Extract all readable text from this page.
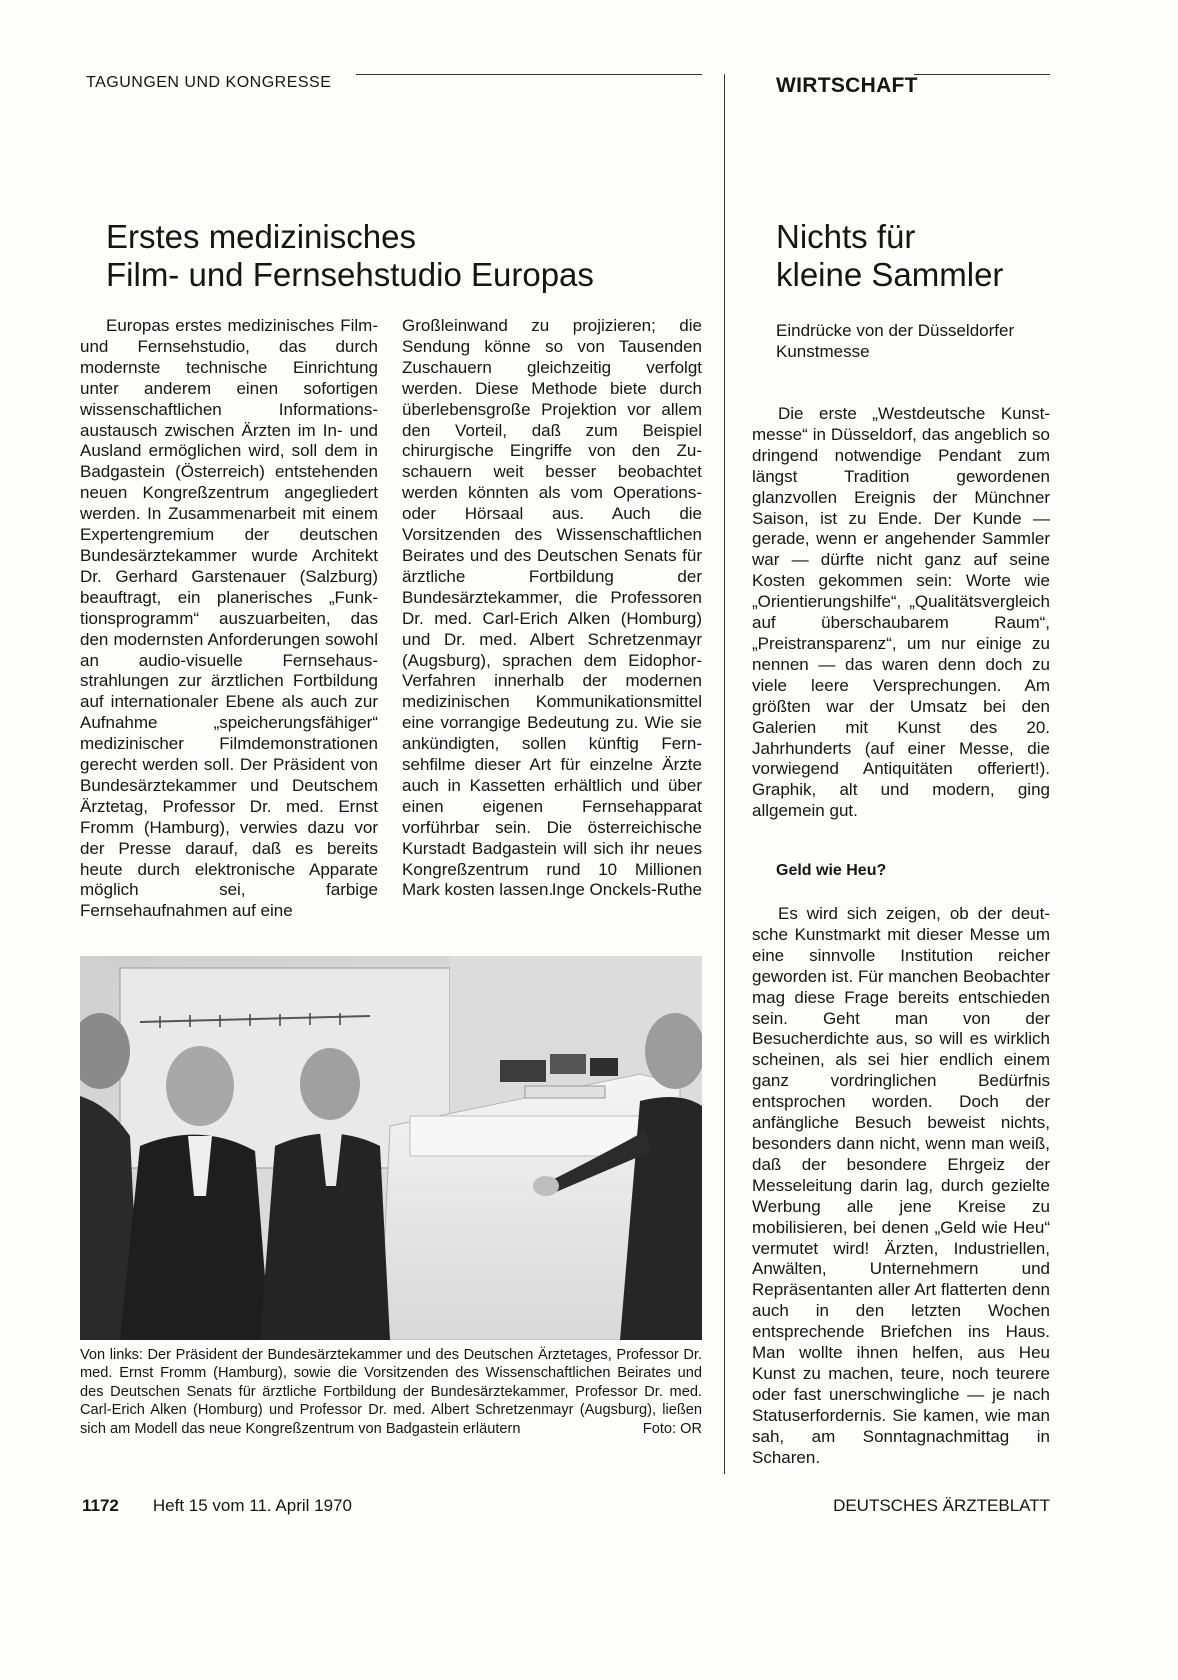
TAGUNGEN UND KONGRESSE	WIRTSCHAFT
Erstes medizinisches
Film- und Fernsehstudio Europas

Europas erstes medizinisches Film- und Fernsehstudio, das durch modernste technische Einrichtung unter anderem einen sofortigen wissenschaftlichen Informationsaustausch zwischen Ärzten im In- und Ausland ermöglichen wird, soll dem in Badgastein (Österreich) entstehenden neuen Kongreßzentrum angegliedert werden. In Zusammenarbeit mit einem Expertengremium der deutschen Bundesärztekammer wurde Architekt Dr. Gerhard Garstenauer (Salzburg) beauftragt, ein planerisches „Funktionsprogramm“ auszuarbeiten, das den modernsten Anforderungen sowohl an audio-visuelle Fernsehausstrahlungen zur ärztlichen Fortbildung auf internationaler Ebene als auch zur Aufnahme „speicherungsfähiger“ medizinischer Filmdemonstrationen gerecht werden soll. Der Präsident von Bundesärztekammer und Deutschem Ärztetag, Professor Dr. med. Ernst Fromm (Hamburg), verwies dazu vor der Presse darauf, daß es bereits heute durch elektronische Apparate möglich sei, farbige Fernsehaufnahmen auf eine

Großleinwand zu projizieren; die Sendung könne so von Tausenden Zuschauern gleichzeitig verfolgt werden. Diese Methode biete durch überlebensgroße Projektion vor allem den Vorteil, daß zum Beispiel chirurgische Eingriffe von den Zuschauern weit besser beobachtet werden könnten als vom Operations- oder Hörsaal aus. Auch die Vorsitzenden des Wissenschaftlichen Beirates und des Deutschen Senats für ärztliche Fortbildung der Bundesärztekammer, die Professoren Dr. med. Carl-Erich Alken (Homburg) und Dr. med. Albert Schretzenmayr (Augsburg), sprachen dem Eidophor-Verfahren innerhalb der modernen medizinischen Kommunikationsmittel eine vorrangige Bedeutung zu. Wie sie ankündigten, sollen künftig Fernsehfilme dieser Art für einzelne Ärzte auch in Kassetten erhältlich und über einen eigenen Fernsehapparat vorführbar sein. Die österreichische Kurstadt Badgastein will sich ihr neues Kongreßzentrum rund 10 Millionen Mark kosten lassen.

Inge Onckels-Ruthe
Von links: Der Präsident der Bundesärztekammer und des Deutschen Ärztetages, Professor Dr. med. Ernst Fromm (Hamburg), sowie die Vorsitzenden des Wissenschaftlichen Beirates und des Deutschen Senats für ärztliche Fortbildung der Bundesärztekammer, Professor Dr. med. Carl-Erich Alken (Homburg) und Professor Dr. med. Albert Schretzenmayr (Augsburg), ließen sich am Modell das neue Kongreßzentrum von Badgastein erläutern	Foto: OR
Nichts für
kleine Sammler
Eindrücke von der Düsseldorfer
Kunstmesse

Die erste „Westdeutsche Kunstmesse“ in Düsseldorf, das angeblich so dringend notwendige Pendant zum längst Tradition gewordenen glanzvollen Ereignis der Münchner Saison, ist zu Ende. Der Kunde — gerade, wenn er angehender Sammler war — dürfte nicht ganz auf seine Kosten gekommen sein: Worte wie „Orientierungshilfe“, „Qualitätsvergleich auf überschaubarem Raum“, „Preistransparenz“, um nur einige zu nennen — das waren denn doch zu viele leere Versprechungen. Am größten war der Umsatz bei den Galerien mit Kunst des 20. Jahrhunderts (auf einer Messe, die vorwiegend Antiquitäten offeriert!). Graphik, alt und modern, ging allgemein gut.

Geld wie Heu?

Es wird sich zeigen, ob der deutsche Kunstmarkt mit dieser Messe um eine sinnvolle Institution reicher geworden ist. Für manchen Beobachter mag diese Frage bereits entschieden sein. Geht man von der Besucherdichte aus, so will es wirklich scheinen, als sei hier endlich einem ganz vordringlichen Bedürfnis entsprochen worden. Doch der anfängliche Besuch beweist nichts, besonders dann nicht, wenn man weiß, daß der besondere Ehrgeiz der Messeleitung darin lag, durch gezielte Werbung alle jene Kreise zu mobilisieren, bei denen „Geld wie Heu“ vermutet wird! Ärzten, Industriellen, Anwälten, Unternehmern und Repräsentanten aller Art flatterten denn auch in den letzten Wochen entsprechende Briefchen ins Haus. Man wollte ihnen helfen, aus Heu Kunst zu machen, teure, noch teurere oder fast unerschwingliche — je nach Statuserfordernis. Sie kamen, wie man sah, am Sonntagnachmittag in Scharen.

1172 Heft 15 vom 11. April 1970	DEUTSCHES ÄRZTEBLATT
